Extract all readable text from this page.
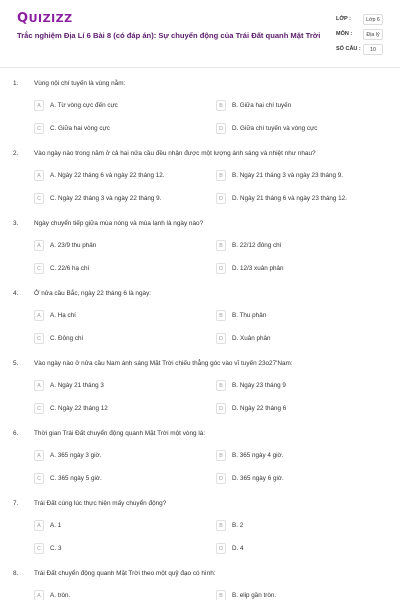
QUIZIZZ
Trắc nghiệm Địa Lí 6 Bài 8 (có đáp án): Sự chuyển động của Trái Đất quanh Mặt Trời
LỚP :	Lớp 6
MÔN :	Địa lý
SỐ CÂU :	10
1. Vùng nội chí tuyến là vùng nằm:
A	A. Từ vòng cực đến cực	B	B. Giữa hai chí tuyến
C	C. Giữa hai vòng cực	D	D. Giữa chí tuyến và vòng cực
2. Vào ngày nào trong năm ở cả hai nửa cầu đều nhận được một lượng ánh sáng và nhiệt như nhau?
A	A. Ngày 22 tháng 6 và ngày 22 tháng 12.	B	B. Ngày 21 tháng 3 và ngày 23 tháng 9.
C	C. Ngày 22 tháng 3 và ngày 22 tháng 9.	D	D. Ngày 21 tháng 6 và ngày 23 tháng 12.
3. Ngày chuyển tiếp giữa mùa nóng và mùa lạnh là ngày nào?
A	A. 23/9 thu phân	B	B. 22/12 đông chí
C	C. 22/6 hạ chí	D	D. 12/3 xuân phân
4. Ở nửa cầu Bắc, ngày 22 tháng 6 là ngày:
A	A. Hạ chí	B	B. Thu phân
C	C. Đông chí	D	D. Xuân phân
5. Vào ngày nào ở nửa cầu Nam ánh sáng Mặt Trời chiếu thẳng góc vào vĩ tuyến 23o27'Nam:
A	A. Ngày 21 tháng 3	B	B. Ngày 23 tháng 9
C	C. Ngày 22 tháng 12	D	D. Ngày 22 tháng 6
6. Thời gian Trái Đất chuyển động quanh Mặt Trời một vòng là:
A	A. 365 ngày 3 giờ.	B	B. 365 ngày 4 giờ.
C	C. 365 ngày 5 giờ.	D	D. 365 ngày 6 giờ.
7. Trái Đất cùng lúc thực hiện mấy chuyển động?
A	A. 1	B	B. 2
C	C. 3	D	D. 4
8. Trái Đất chuyển động quanh Mặt Trời theo một quỹ đạo có hình:
A	A. tròn.	B	B. elip gần tròn.
